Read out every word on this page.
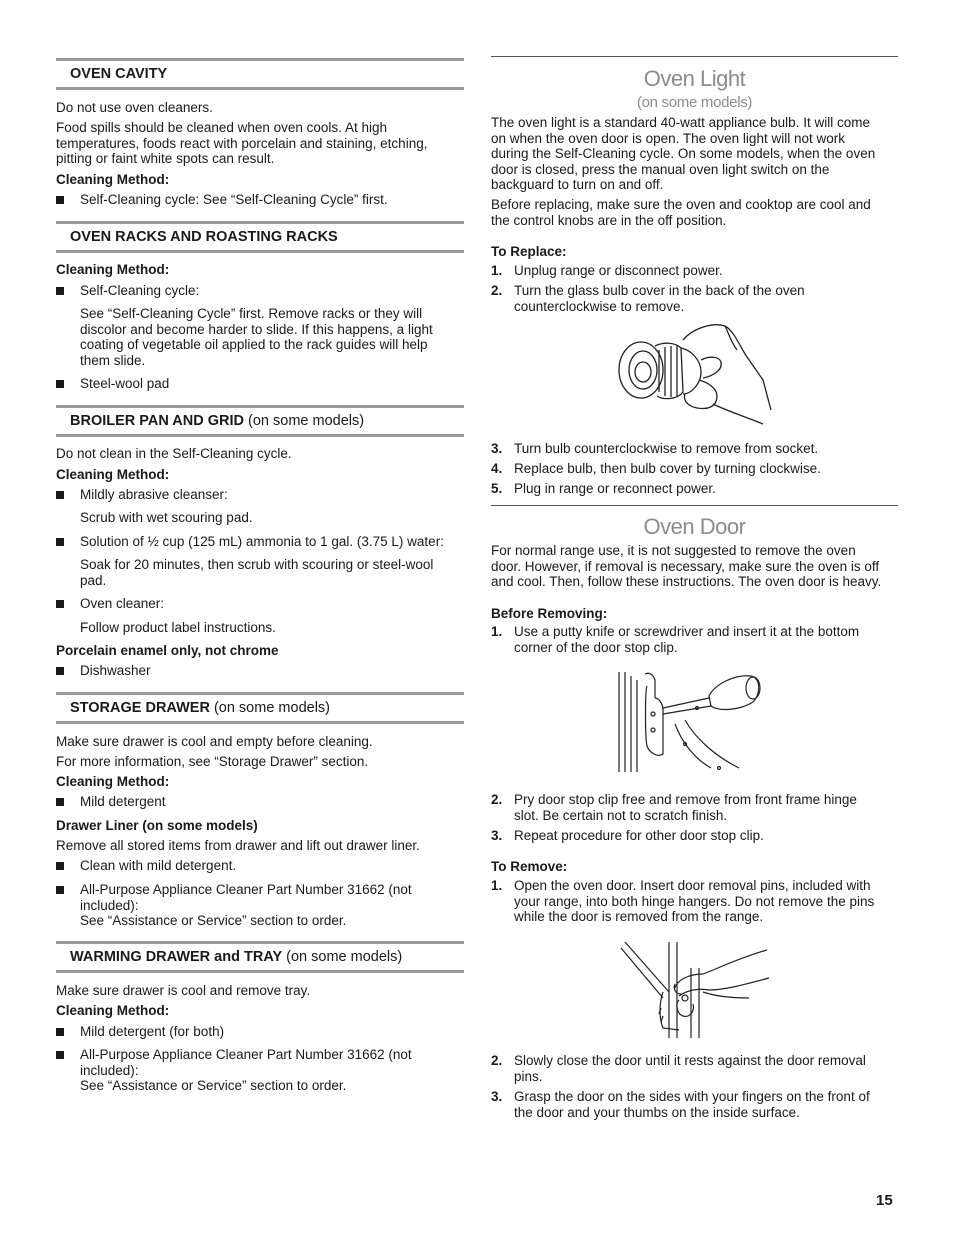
OVEN CAVITY
Do not use oven cleaners.
Food spills should be cleaned when oven cools. At high
temperatures, foods react with porcelain and staining, etching,
pitting or faint white spots can result.
Cleaning Method:
Self-Cleaning cycle: See “Self-Cleaning Cycle” first.
OVEN RACKS AND ROASTING RACKS
Cleaning Method:
Self-Cleaning cycle:
See “Self-Cleaning Cycle” first. Remove racks or they will
discolor and become harder to slide. If this happens, a light
coating of vegetable oil applied to the rack guides will help
them slide.
Steel-wool pad
BROILER PAN AND GRID (on some models)
Do not clean in the Self-Cleaning cycle.
Cleaning Method:
Mildly abrasive cleanser:
Scrub with wet scouring pad.
Solution of ½ cup (125 mL) ammonia to 1 gal. (3.75 L) water:
Soak for 20 minutes, then scrub with scouring or steel-wool
pad.
Oven cleaner:
Follow product label instructions.
Porcelain enamel only, not chrome
Dishwasher
STORAGE DRAWER (on some models)
Make sure drawer is cool and empty before cleaning.
For more information, see “Storage Drawer” section.
Cleaning Method:
Mild detergent
Drawer Liner (on some models)
Remove all stored items from drawer and lift out drawer liner.
Clean with mild detergent.
All-Purpose Appliance Cleaner Part Number 31662 (not
included):
See “Assistance or Service” section to order.
WARMING DRAWER and TRAY (on some models)
Make sure drawer is cool and remove tray.
Cleaning Method:
Mild detergent (for both)
All-Purpose Appliance Cleaner Part Number 31662 (not
included):
See “Assistance or Service” section to order.
Oven Light
(on some models)
The oven light is a standard 40-watt appliance bulb. It will come
on when the oven door is open. The oven light will not work
during the Self-Cleaning cycle. On some models, when the oven
door is closed, press the manual oven light switch on the
backguard to turn on and off.
Before replacing, make sure the oven and cooktop are cool and
the control knobs are in the off position.
To Replace:
1. Unplug range or disconnect power.
2. Turn the glass bulb cover in the back of the oven
counterclockwise to remove.
3. Turn bulb counterclockwise to remove from socket.
4. Replace bulb, then bulb cover by turning clockwise.
5. Plug in range or reconnect power.
Oven Door
For normal range use, it is not suggested to remove the oven
door. However, if removal is necessary, make sure the oven is off
and cool. Then, follow these instructions. The oven door is heavy.
Before Removing:
1. Use a putty knife or screwdriver and insert it at the bottom
corner of the door stop clip.
2. Pry door stop clip free and remove from front frame hinge
slot. Be certain not to scratch finish.
3. Repeat procedure for other door stop clip.
To Remove:
1. Open the oven door. Insert door removal pins, included with
your range, into both hinge hangers. Do not remove the pins
while the door is removed from the range.
2. Slowly close the door until it rests against the door removal
pins.
3. Grasp the door on the sides with your fingers on the front of
the door and your thumbs on the inside surface.
15
